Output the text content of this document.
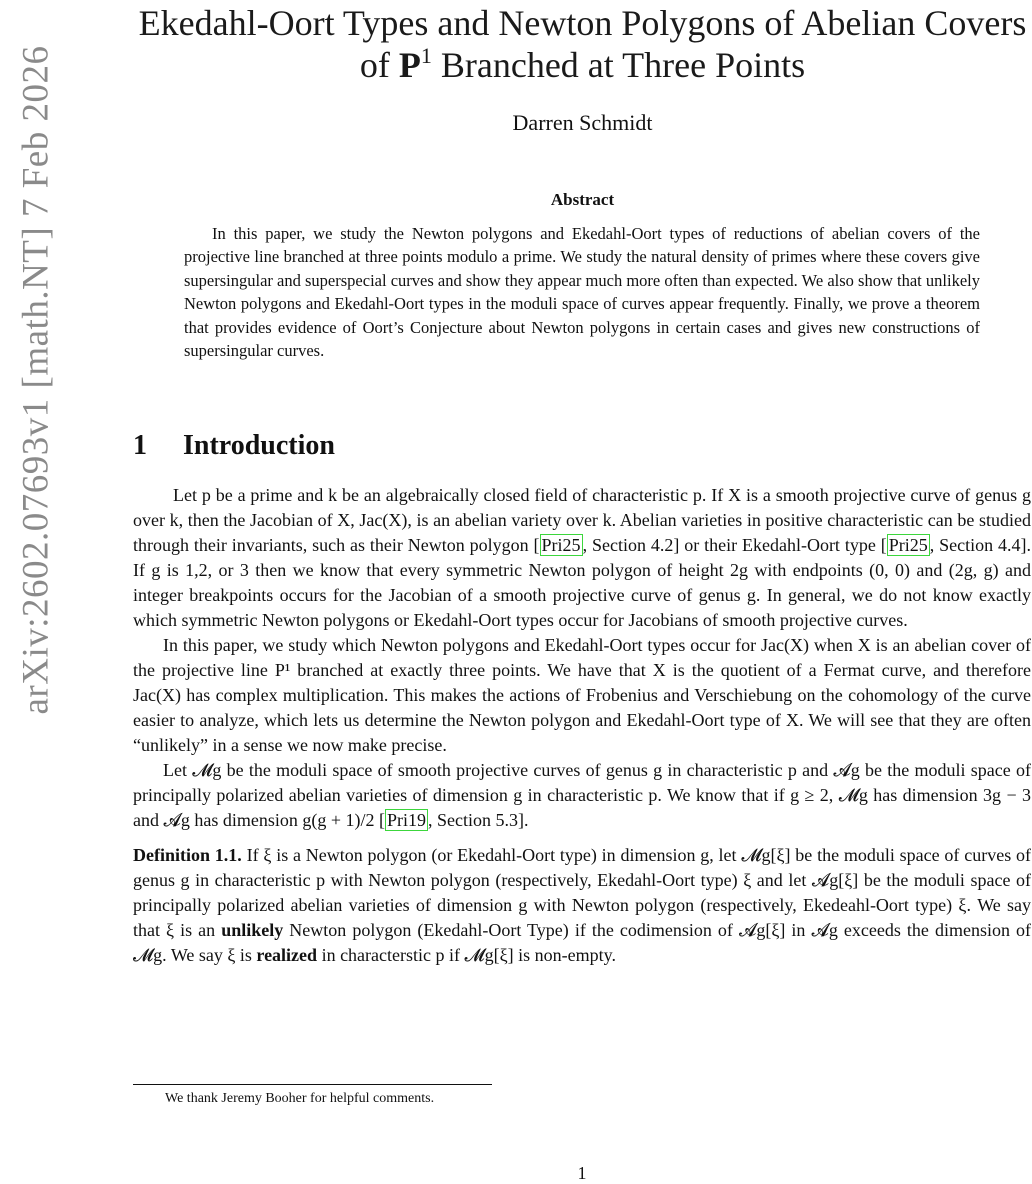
arXiv:2602.07693v1 [math.NT] 7 Feb 2026
Ekedahl-Oort Types and Newton Polygons of Abelian Covers
of $P^1$ Branched at Three Points
Darren Schmidt
Abstract
In this paper, we study the Newton polygons and Ekedahl-Oort types of reductions of abelian covers of the projective line branched at three points modulo a prime. We study the natural density of primes where these covers give supersingular and superspecial curves and show they appear much more often than expected. We also show that unlikely Newton polygons and Ekedahl-Oort types in the moduli space of curves appear frequently. Finally, we prove a theorem that provides evidence of Oort’s Conjecture about Newton polygons in certain cases and gives new constructions of supersingular curves.
1 Introduction

Let p be a prime and k be an algebraically closed field of characteristic p. If X is a smooth projective curve of genus g over k, then the Jacobian of X, Jac(X), is an abelian variety over k. Abelian varieties in positive characteristic can be studied through their invariants, such as their Newton polygon [ Pri25 , Section 4.2] or their Ekedahl-Oort type [ Pri25 , Section 4.4]. If g is 1,2, or 3 then we know that every symmetric Newton polygon of height 2g with endpoints (0, 0) and (2g, g) and integer breakpoints occurs for the Jacobian of a smooth projective curve of genus g. In general, we do not know exactly which symmetric Newton polygons or Ekedahl-Oort types occur for Jacobians of smooth projective curves.

In this paper, we study which Newton polygons and Ekedahl-Oort types occur for Jac(X) when X is an abelian cover of the projective line P¹ branched at exactly three points. We have that X is the quotient of a Fermat curve, and therefore Jac(X) has complex multiplication. This makes the actions of Frobenius and Verschiebung on the cohomology of the curve easier to analyze, which lets us determine the Newton polygon and Ekedahl-Oort type of X. We will see that they are often “unlikely” in a sense we now make precise.

Let 𝓜g be the moduli space of smooth projective curves of genus g in characteristic p and 𝓐g be the moduli space of principally polarized abelian varieties of dimension g in characteristic p. We know that if g ≥ 2, 𝓜g has dimension 3g − 3 and 𝓐g has dimension g(g + 1)/2 [ Pri19 , Section 5.3].

Definition 1.1. If ξ is a Newton polygon (or Ekedahl-Oort type) in dimension g, let 𝓜g[ξ] be the moduli space of curves of genus g in characteristic p with Newton polygon (respectively, Ekedahl-Oort type) ξ and let 𝓐g[ξ] be the moduli space of principally polarized abelian varieties of dimension g with Newton polygon (respectively, Ekedeahl-Oort type) ξ. We say that ξ is an unlikely Newton polygon (Ekedahl-Oort Type) if the codimension of 𝓐g[ξ] in 𝓐g exceeds the dimension of 𝓜g. We say ξ is realized in characterstic p if 𝓜g[ξ] is non-empty.

We thank Jeremy Booher for helpful comments.
1
